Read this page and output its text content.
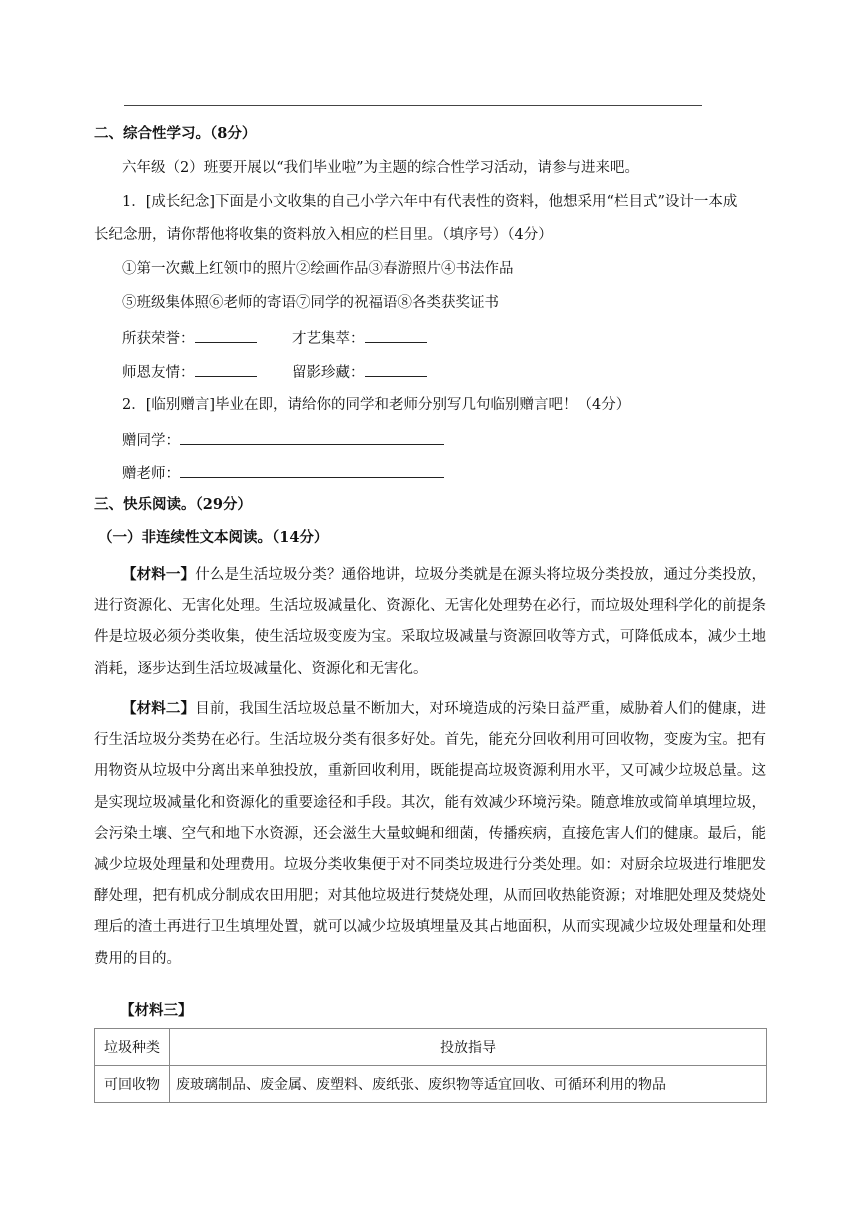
二、综合性学习。（8分）
六年级（2）班要开展以“我们毕业啦”为主题的综合性学习活动，请参与进来吧。
1．[成长纪念]下面是小文收集的自己小学六年中有代表性的资料，他想采用“栏目式”设计一本成
长纪念册，请你帮他将收集的资料放入相应的栏目里。（填序号）（4分）
①第一次戴上红领巾的照片②绘画作品③春游照片④书法作品
⑤班级集体照⑥老师的寄语⑦同学的祝福语⑧各类获奖证书
所获荣誉：	才艺集萃：
师恩友情：	留影珍藏：
2．[临别赠言]毕业在即，请给你的同学和老师分别写几句临别赠言吧！（4分）
赠同学：
赠老师：
三、快乐阅读。（29分）
（一）非连续性文本阅读。（14分）
【材料一】什么是生活垃圾分类？通俗地讲，垃圾分类就是在源头将垃圾分类投放，通过分类投放，进行资源化、无害化处理。生活垃圾减量化、资源化、无害化处理势在必行，而垃圾处理科学化的前提条件是垃圾必须分类收集，使生活垃圾变废为宝。采取垃圾减量与资源回收等方式，可降低成本，减少土地消耗，逐步达到生活垃圾减量化、资源化和无害化。
【材料二】目前，我国生活垃圾总量不断加大，对环境造成的污染日益严重，威胁着人们的健康，进行生活垃圾分类势在必行。生活垃圾分类有很多好处。首先，能充分回收利用可回收物，变废为宝。把有用物资从垃圾中分离出来单独投放，重新回收利用，既能提高垃圾资源利用水平，又可减少垃圾总量。这是实现垃圾减量化和资源化的重要途径和手段。其次，能有效减少环境污染。随意堆放或简单填埋垃圾，会污染土壤、空气和地下水资源，还会滋生大量蚊蝇和细菌，传播疾病，直接危害人们的健康。最后，能减少垃圾处理量和处理费用。垃圾分类收集便于对不同类垃圾进行分类处理。如：对厨余垃圾进行堆肥发酵处理，把有机成分制成农田用肥；对其他垃圾进行焚烧处理，从而回收热能资源；对堆肥处理及焚烧处理后的渣土再进行卫生填埋处置，就可以减少垃圾填埋量及其占地面积，从而实现减少垃圾处理量和处理费用的目的。
【材料三】
垃圾种类	投放指导
可回收物	废玻璃制品、废金属、废塑料、废纸张、废织物等适宜回收、可循环利用的物品
